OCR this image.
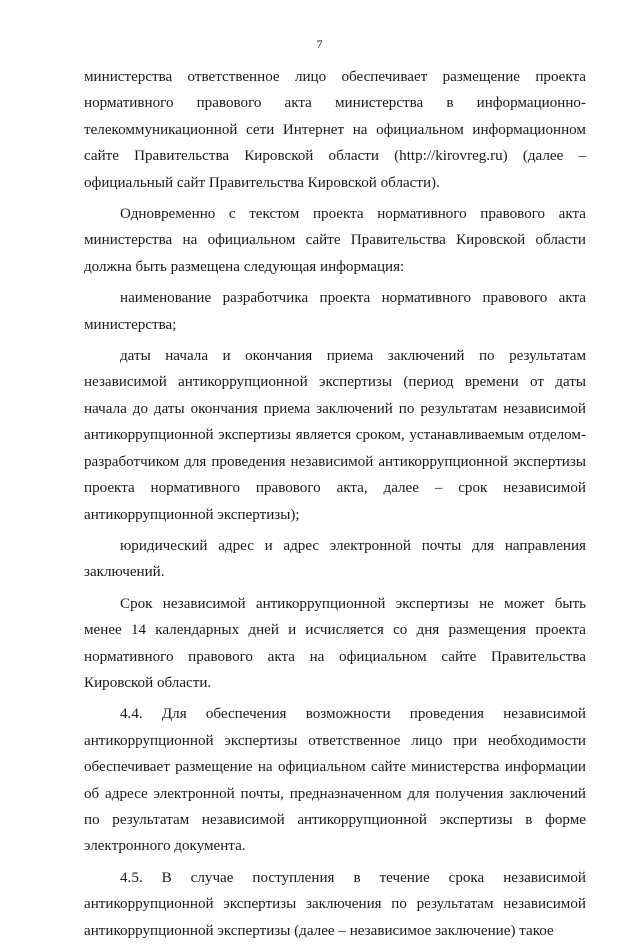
7

министерства ответственное лицо обеспечивает размещение проекта нормативного правового акта министерства в информационно-телекоммуникационной сети Интернет на официальном информационном сайте Правительства Кировской области (http://kirovreg.ru) (далее – официальный сайт Правительства Кировской области).

Одновременно с текстом проекта нормативного правового акта министерства на официальном сайте Правительства Кировской области должна быть размещена следующая информация:

наименование разработчика проекта нормативного правового акта министерства;

даты начала и окончания приема заключений по результатам независимой антикоррупционной экспертизы (период времени от даты начала до даты окончания приема заключений по результатам независимой антикоррупционной экспертизы является сроком, устанавливаемым отделом-разработчиком для проведения независимой антикоррупционной экспертизы проекта нормативного правового акта, далее – срок независимой антикоррупционной экспертизы);

юридический адрес и адрес электронной почты для направления заключений.

Срок независимой антикоррупционной экспертизы не может быть менее 14 календарных дней и исчисляется со дня размещения проекта нормативного правового акта на официальном сайте Правительства Кировской области.

4.4. Для обеспечения возможности проведения независимой антикоррупционной экспертизы ответственное лицо при необходимости обеспечивает размещение на официальном сайте министерства информации об адресе электронной почты, предназначенном для получения заключений по результатам независимой антикоррупционной экспертизы в форме электронного документа.

4.5. В случае поступления в течение срока независимой антикоррупционной экспертизы заключения по результатам независимой антикоррупционной экспертизы (далее – независимое заключение) такое
